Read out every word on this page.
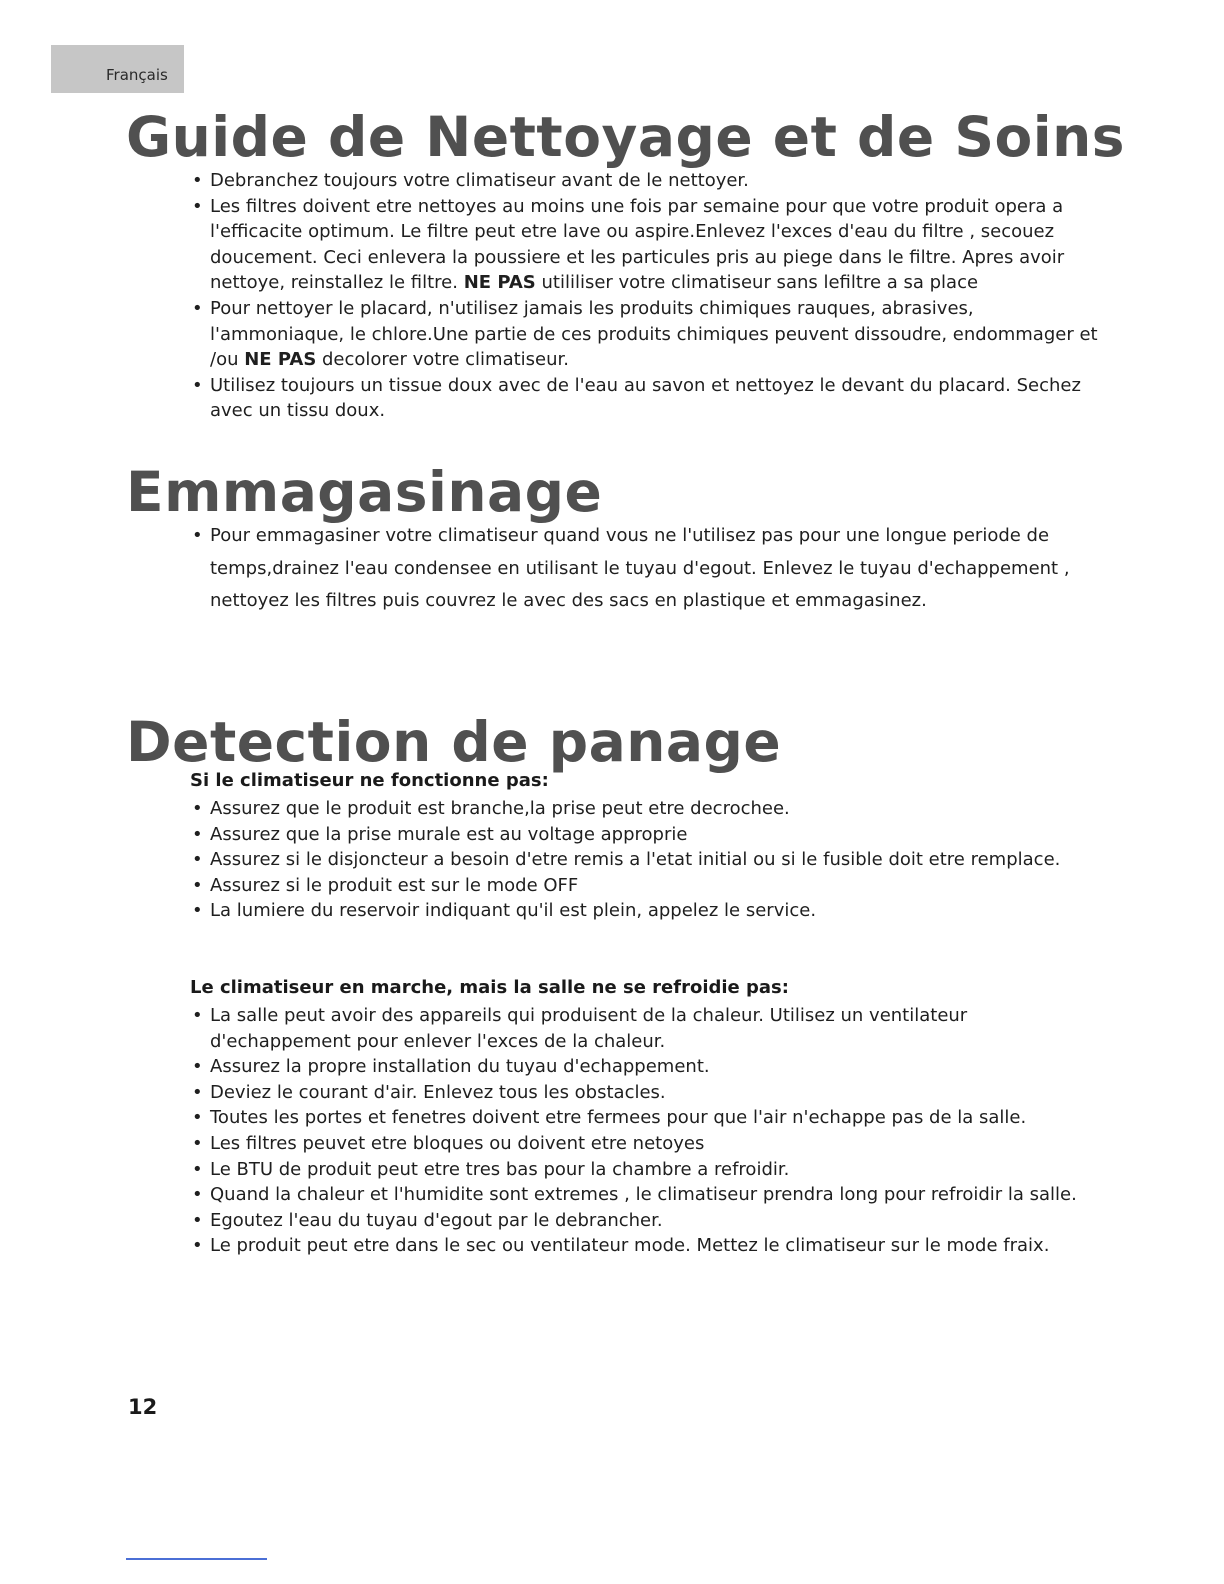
Français
Guide de Nettoyage et de Soins
• Debranchez toujours votre climatiseur avant de le nettoyer.
• Les filtres doivent etre nettoyes au moins une fois par semaine pour que votre produit opera a l'efficacite optimum. Le filtre peut etre lave ou aspire.Enlevez l'exces d'eau du filtre , secouez doucement. Ceci enlevera la poussiere et les particules pris au piege dans le filtre. Apres avoir nettoye, reinstallez le filtre. NE PAS utililiser votre climatiseur sans lefiltre a sa place
• Pour nettoyer le placard, n'utilisez jamais les produits chimiques rauques, abrasives, l'ammoniaque, le chlore.Une partie de ces produits chimiques peuvent dissoudre, endommager et /ou NE PAS decolorer votre climatiseur.
• Utilisez toujours un tissue doux avec de l'eau au savon et nettoyez le devant du placard. Sechez avec un tissu doux.
Emmagasinage
• Pour emmagasiner votre climatiseur quand vous ne l'utilisez pas pour une longue periode de temps,drainez l'eau condensee en utilisant le tuyau d'egout. Enlevez le tuyau d'echappement , nettoyez les filtres puis couvrez le avec des sacs en plastique et emmagasinez.
Detection de panage

Si le climatiseur ne fonctionne pas:

• Assurez que le produit est branche,la prise peut etre decrochee.
• Assurez que la prise murale est au voltage approprie
• Assurez si le disjoncteur a besoin d'etre remis a l'etat initial ou si le fusible doit etre remplace.
• Assurez si le produit est sur le mode OFF
• La lumiere du reservoir indiquant qu'il est plein, appelez le service.

Le climatiseur en marche, mais la salle ne se refroidie pas:

• La salle peut avoir des appareils qui produisent de la chaleur. Utilisez un ventilateur d'echappement pour enlever l'exces de la chaleur.
• Assurez la propre installation du tuyau d'echappement.
• Deviez le courant d'air. Enlevez tous les obstacles.
• Toutes les portes et fenetres doivent etre fermees pour que l'air n'echappe pas de la salle.
• Les filtres peuvet etre bloques ou doivent etre netoyes
• Le BTU de produit peut etre tres bas pour la chambre a refroidir.
• Quand la chaleur et l'humidite sont extremes , le climatiseur prendra long pour refroidir la salle.
• Egoutez l'eau du tuyau d'egout par le debrancher.
• Le produit peut etre dans le sec ou ventilateur mode. Mettez le climatiseur sur le mode fraix.
12
